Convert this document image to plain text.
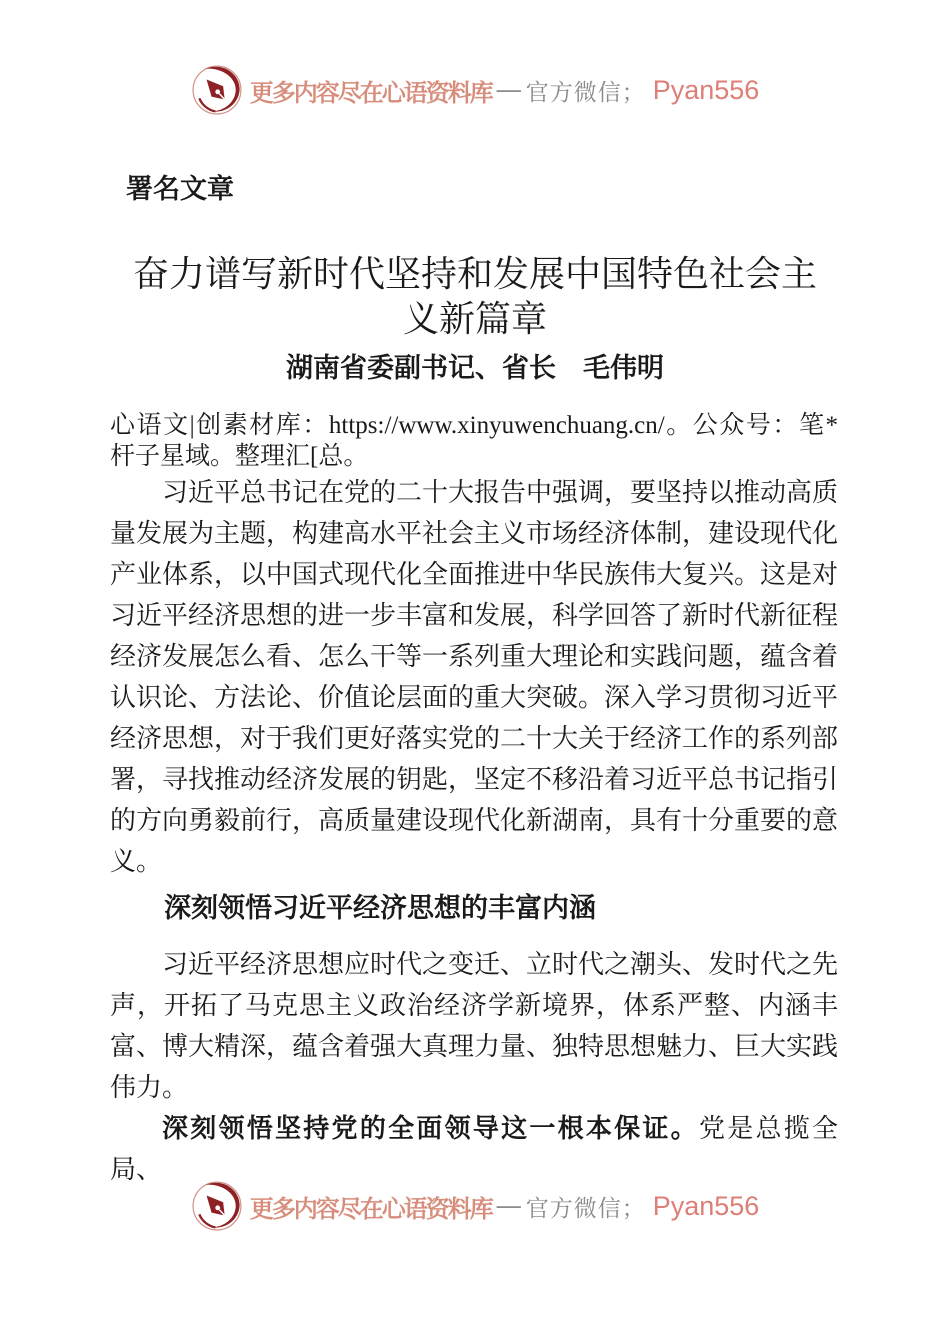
更多内容尽在心语资料库 — 官方微信； Pyan556
署名文章
奋力谱写新时代坚持和发展中国特色社会主义新篇章
湖南省委副书记、省长　毛伟明

心语文|创素材库：https://www.xinyuwenchuang.cn/。公众号：笔*杆子星域。整理汇[总。

习近平总书记在党的二十大报告中强调，要坚持以推动高质量发展为主题，构建高水平社会主义市场经济体制，建设现代化产业体系，以中国式现代化全面推进中华民族伟大复兴。这是对习近平经济思想的进一步丰富和发展，科学回答了新时代新征程经济发展怎么看、怎么干等一系列重大理论和实践问题，蕴含着认识论、方法论、价值论层面的重大突破。深入学习贯彻习近平经济思想，对于我们更好落实党的二十大关于经济工作的系列部署，寻找推动经济发展的钥匙，坚定不移沿着习近平总书记指引的方向勇毅前行，高质量建设现代化新湖南，具有十分重要的意义。

深刻领悟习近平经济思想的丰富内涵

习近平经济思想应时代之变迁、立时代之潮头、发时代之先声，开拓了马克思主义政治经济学新境界，体系严整、内涵丰富、博大精深，蕴含着强大真理力量、独特思想魅力、巨大实践伟力。

深刻领悟坚持党的全面领导这一根本保证。党是总揽全局、

更多内容尽在心语资料库 — 官方微信； Pyan556
